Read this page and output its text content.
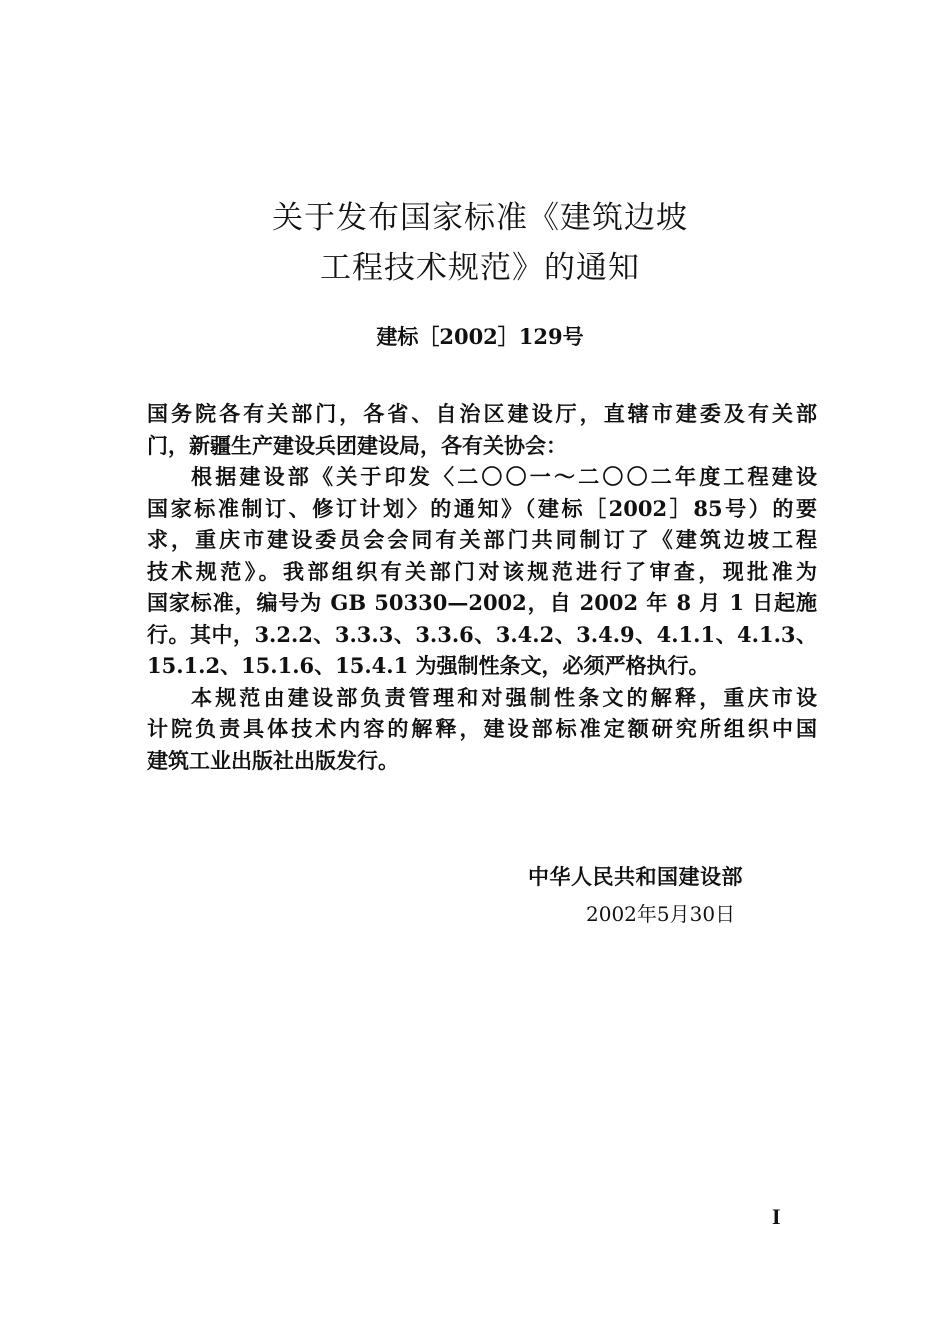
关于发布国家标准《建筑边坡
工程技术规范》的通知
建标［2002］129号
国务院各有关部门，各省、自治区建设厅，直辖市建委及有关部
门，新疆生产建设兵团建设局，各有关协会：
根据建设部《关于印发〈二〇〇一～二〇〇二年度工程建设
国家标准制订、修订计划〉的通知》（建标［2002］85号）的要
求，重庆市建设委员会会同有关部门共同制订了《建筑边坡工程
技术规范》。我部组织有关部门对该规范进行了审查，现批准为
国家标准，编号为 GB 50330—2002，自 2002 年 8 月 1 日起施
行。其中，3.2.2、3.3.3、3.3.6、3.4.2、3.4.9、4.1.1、4.1.3、
15.1.2、15.1.6、15.4.1 为强制性条文，必须严格执行。
本规范由建设部负责管理和对强制性条文的解释，重庆市设
计院负责具体技术内容的解释，建设部标准定额研究所组织中国
建筑工业出版社出版发行。
中华人民共和国建设部
2002年5月30日
I
